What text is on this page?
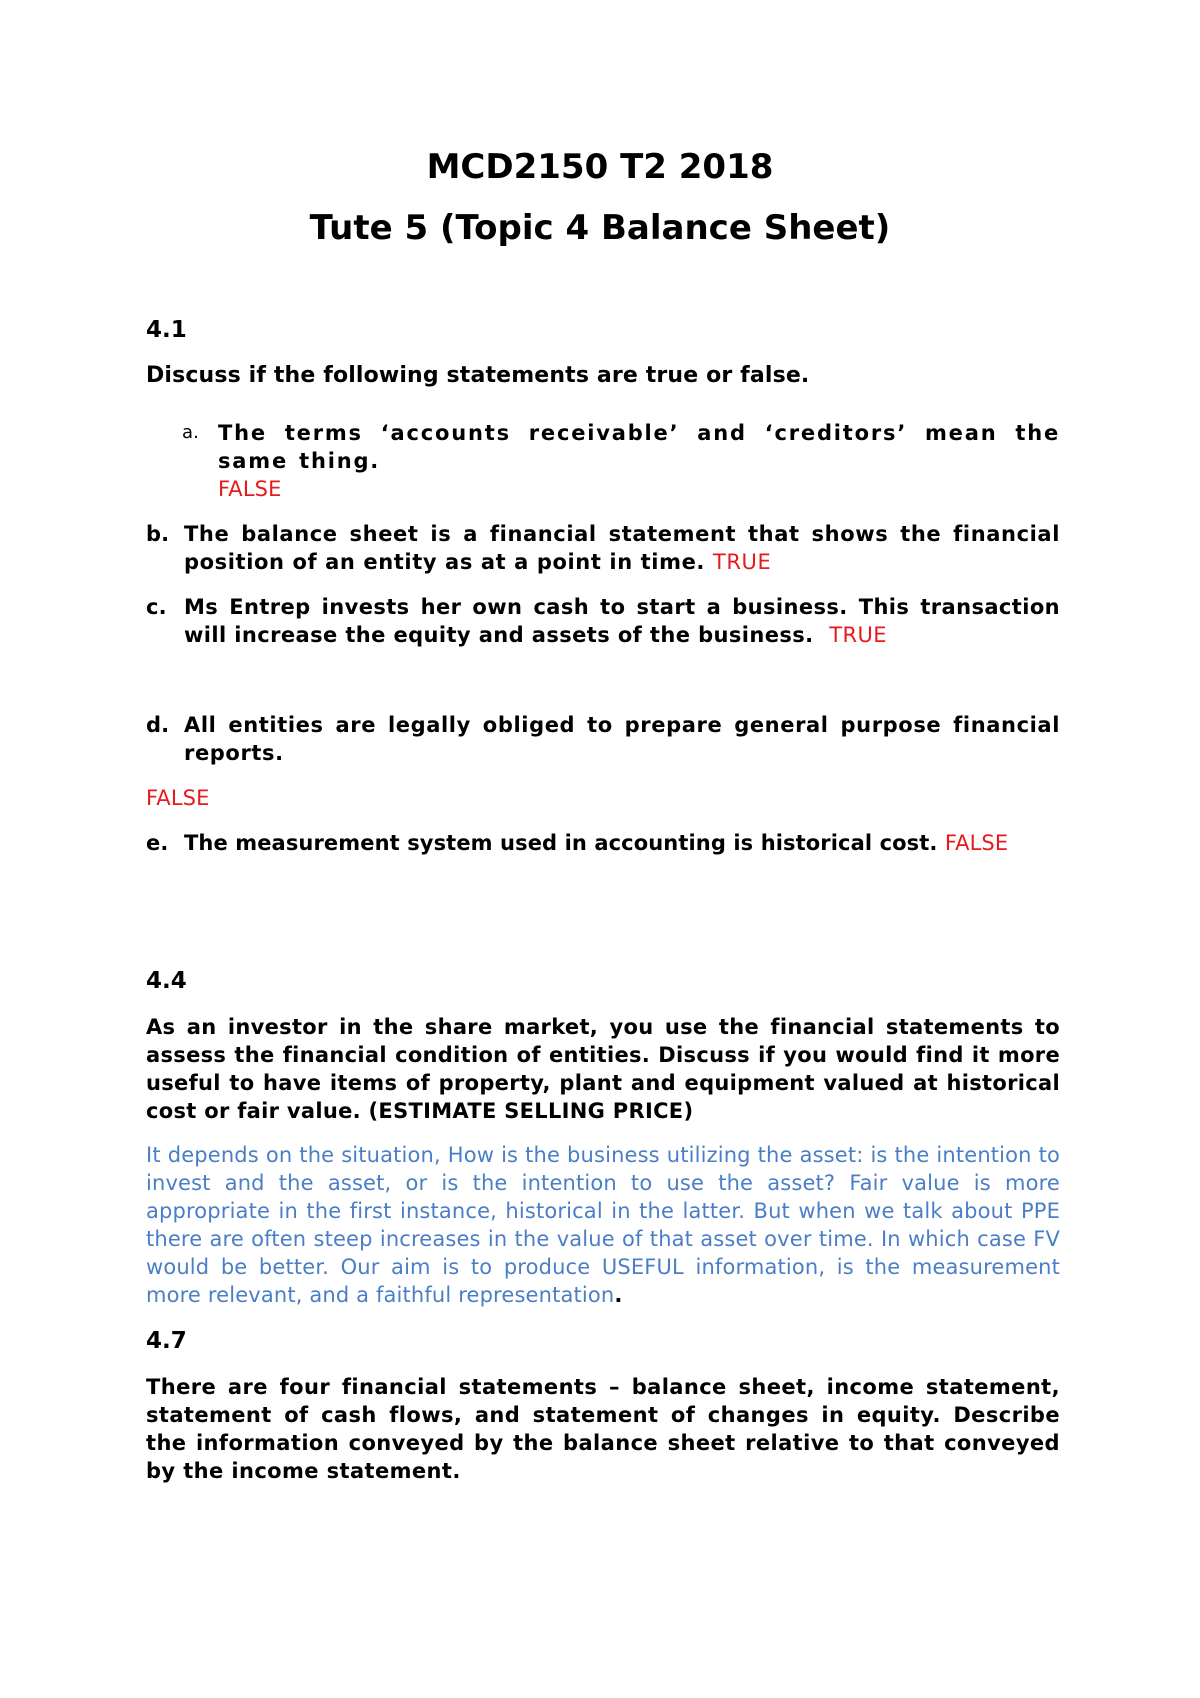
MCD2150 T2 2018
Tute 5 (Topic 4 Balance Sheet)
4.1
Discuss if the following statements are true or false.
a. The terms ‘accounts receivable’ and ‘creditors’ mean the same thing.
FALSE
b. The balance sheet is a financial statement that shows the financial position of an entity as at a point in time. TRUE
c. Ms Entrep invests her own cash to start a business. This transaction will increase the equity and assets of the business. TRUE
d. All entities are legally obliged to prepare general purpose financial reports.
FALSE
e. The measurement system used in accounting is historical cost. FALSE
4.4
As an investor in the share market, you use the financial statements to assess the financial condition of entities. Discuss if you would find it more useful to have items of property, plant and equipment valued at historical cost or fair value. (ESTIMATE SELLING PRICE)
It depends on the situation, How is the business utilizing the asset: is the intention to invest and the asset, or is the intention to use the asset? Fair value is more appropriate in the first instance, historical in the latter. But when we talk about PPE there are often steep increases in the value of that asset over time. In which case FV would be better. Our aim is to produce USEFUL information, is the measurement more relevant, and a faithful representation.
4.7
There are four financial statements – balance sheet, income statement, statement of cash flows, and statement of changes in equity. Describe the information conveyed by the balance sheet relative to that conveyed by the income statement.
